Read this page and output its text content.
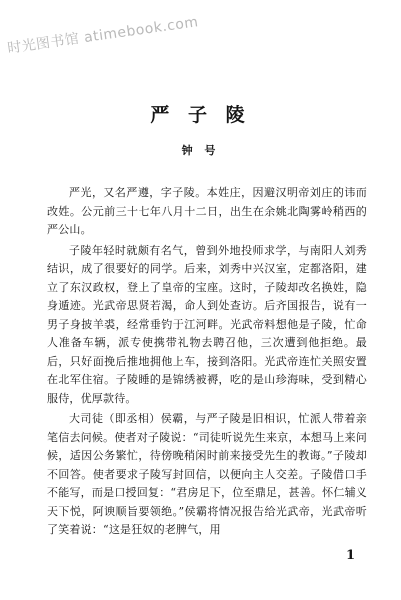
时光图书馆 atimebook.com
严 子 陵
钟 号

严光，又名严遵，字子陵。本姓庄，因避汉明帝刘庄的讳而改姓。公元前三十七年八月十二日，出生在余姚北陶雾岭稍西的严公山。

子陵年轻时就颇有名气，曾到外地投师求学，与南阳人刘秀结识，成了很要好的同学。后来，刘秀中兴汉室，定都洛阳，建立了东汉政权，登上了皇帝的宝座。这时，子陵却改名换姓，隐身遁迹。光武帝思贤若渴，命人到处查访。后齐国报告，说有一男子身披羊裘，经常垂钓于江河畔。光武帝料想他是子陵，忙命人准备车辆，派专使携带礼物去聘召他，三次遭到他拒绝。最后，只好面挽后推地拥他上车，接到洛阳。光武帝连忙关照安置在北军住宿。子陵睡的是锦绣被褥，吃的是山珍海味，受到精心服侍，优厚款待。

大司徒（即丞相）侯霸，与严子陵是旧相识，忙派人带着亲笔信去问候。使者对子陵说：“司徒听说先生来京，本想马上来问候，适因公务繁忙，待傍晚稍闲时前来接受先生的教诲。”子陵却不回答。使者要求子陵写封回信，以便向主人交差。子陵借口手不能写，而是口授回复：“君房足下，位至鼎足，甚善。怀仁辅义天下悦，阿谀顺旨要领绝。”侯霸将情况报告给光武帝，光武帝听了笑着说：“这是狂奴的老脾气，用

1
